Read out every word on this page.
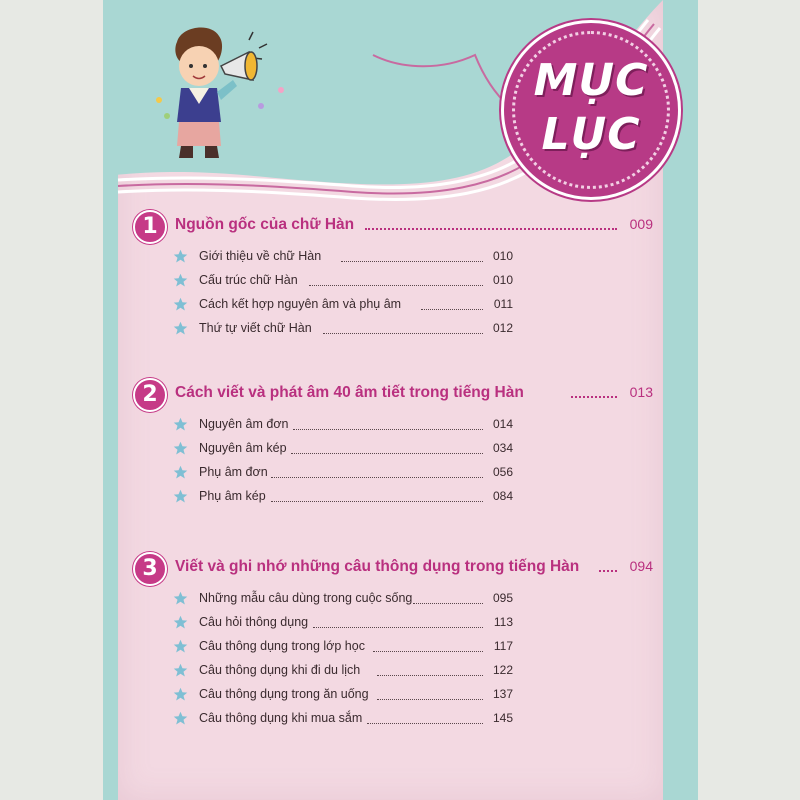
MỤC
LỤC
1	Nguồn gốc của chữ Hàn	009
Giới thiệu về chữ Hàn	010
Cấu trúc chữ Hàn	010
Cách kết hợp nguyên âm và phụ âm	011
Thứ tự viết chữ Hàn	012
2	Cách viết và phát âm 40 âm tiết trong tiếng Hàn	013
Nguyên âm đơn	014
Nguyên âm kép	034
Phụ âm đơn	056
Phụ âm kép	084
3	Viết và ghi nhớ những câu thông dụng trong tiếng Hàn	094
Những mẫu câu dùng trong cuộc sống	095
Câu hỏi thông dụng	113
Câu thông dụng trong lớp học	117
Câu thông dụng khi đi du lịch	122
Câu thông dụng trong ăn uống	137
Câu thông dụng khi mua sắm	145
